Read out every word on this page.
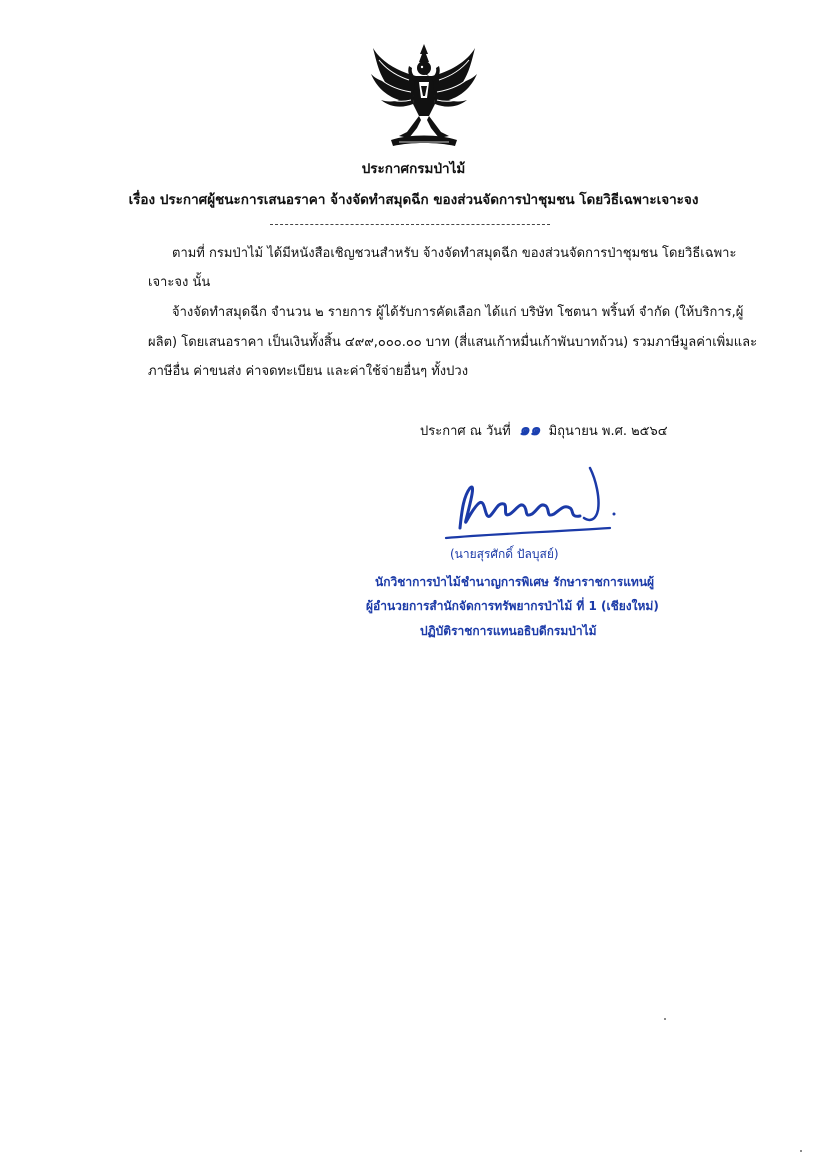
ประกาศกรมป่าไม้
เรื่อง ประกาศผู้ชนะการเสนอราคา จ้างจัดทำสมุดฉีก ของส่วนจัดการป่าชุมชน โดยวิธีเฉพาะเจาะจง
ตามที่ กรมป่าไม้ ได้มีหนังสือเชิญชวนสำหรับ จ้างจัดทำสมุดฉีก ของส่วนจัดการป่าชุมชน โดยวิธีเฉพาะ
เจาะจง นั้น
จ้างจัดทำสมุดฉีก จำนวน ๒ รายการ ผู้ได้รับการคัดเลือก ได้แก่ บริษัท โชตนา พริ้นท์ จำกัด (ให้บริการ,ผู้
ผลิต) โดยเสนอราคา เป็นเงินทั้งสิ้น ๔๙๙,๐๐๐.๐๐ บาท (สี่แสนเก้าหมื่นเก้าพันบาทถ้วน) รวมภาษีมูลค่าเพิ่มและ
ภาษีอื่น ค่าขนส่ง ค่าจดทะเบียน และค่าใช้จ่ายอื่นๆ ทั้งปวง
ประกาศ ณ วันที่ ๑๑ มิถุนายน พ.ศ. ๒๕๖๔
(นายสุรศักดิ์ ปัลบุสย์)
นักวิชาการป่าไม้ชำนาญการพิเศษ รักษาราชการแทนผู้
ผู้อำนวยการสำนักจัดการทรัพยากรป่าไม้ ที่ 1 (เชียงใหม่)
ปฏิบัติราชการแทนอธิบดีกรมป่าไม้
